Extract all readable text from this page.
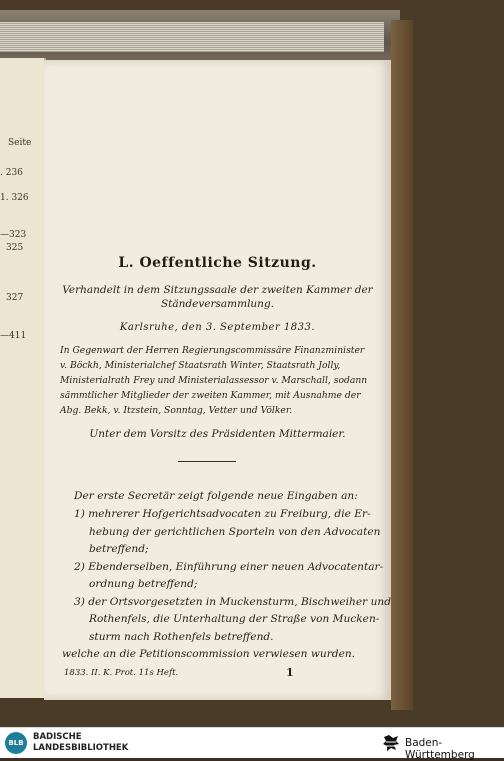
Seite
. 236
1. 326
—323
325
327
—411
L. Oeffentliche Sitzung.
Verhandelt in dem Sitzungssaale der zweiten Kammer der
Ständeversammlung.
Karlsruhe, den 3. September 1833.
In Gegenwart der Herren Regierungscommissäre Finanzminister
v. Böckh, Ministerialchef Staatsrath Winter, Staatsrath Jolly,
Ministerialrath Frey und Ministerialassessor v. Marschall, sodann
sämmtlicher Mitglieder der zweiten Kammer, mit Ausnahme der
Abg. Bekk, v. Itzstein, Sonntag, Vetter und Völker.
Unter dem Vorsitz des Präsidenten Mittermaier.
Der erste Secretär zeigt folgende neue Eingaben an:
1) mehrerer Hofgerichtsadvocaten zu Freiburg, die Er-
hebung der gerichtlichen Sporteln von den Advocaten
betreffend;
2) Ebenderselben, Einführung einer neuen Advocatentar-
ordnung betreffend;
3) der Ortsvorgesetzten in Muckensturm, Bischweiher und
Rothenfels, die Unterhaltung der Straße von Mucken-
sturm nach Rothenfels betreffend.
welche an die Petitionscommission verwiesen wurden.
1833. II. K. Prot. 11s Heft.	1
BLB
BADISCHE
LANDESBIBLIOTHEK	Baden-Württemberg
